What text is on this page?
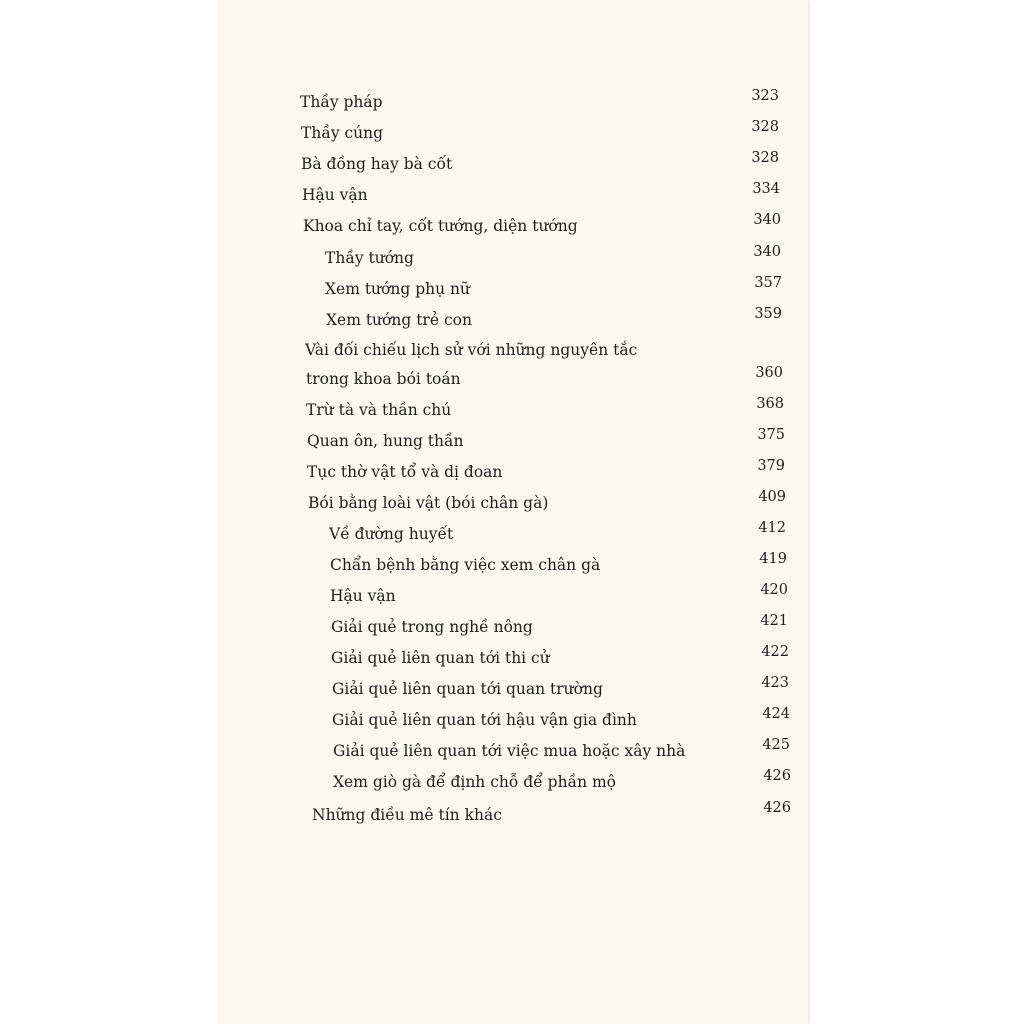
Thầy pháp	323
Thầy cúng	328
Bà đồng hay bà cốt	328
Hậu vận	334
Khoa chỉ tay, cốt tướng, diện tướng	340
Thầy tướng	340
Xem tướng phụ nữ	357
Xem tướng trẻ con	359
Vài đối chiếu lịch sử với những nguyên tắc
trong khoa bói toán	360
Trừ tà và thần chú	368
Quan ôn, hung thần	375
Tục thờ vật tổ và dị đoan	379
Bói bằng loài vật (bói chân gà)	409
Về đường huyết	412
Chẩn bệnh bằng việc xem chân gà	419
Hậu vận	420
Giải quẻ trong nghề nông	421
Giải quẻ liên quan tới thi cử	422
Giải quẻ liên quan tới quan trường	423
Giải quẻ liên quan tới hậu vận gia đình	424
Giải quẻ liên quan tới việc mua hoặc xây nhà	425
Xem giò gà để định chỗ để phần mộ	426
Những điều mê tín khác	426
